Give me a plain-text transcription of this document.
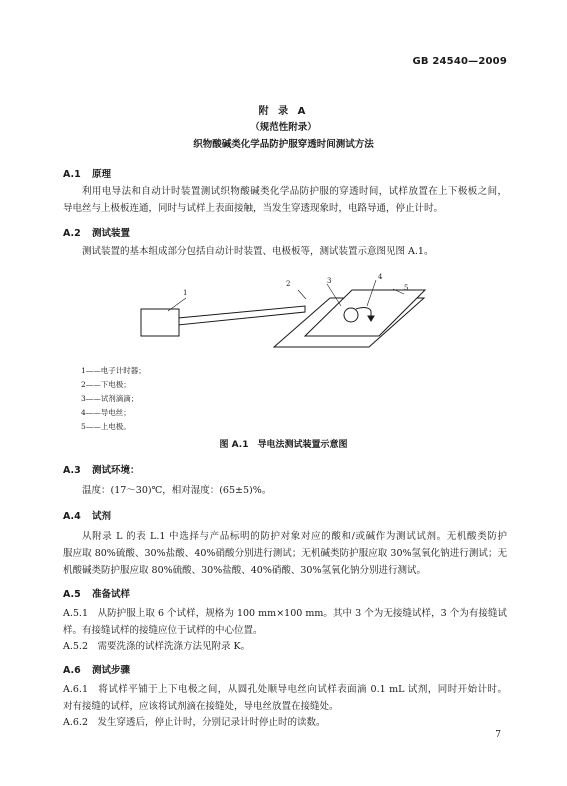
GB 24540—2009
附 录 A
（规范性附录）
织物酸碱类化学品防护服穿透时间测试方法
A.1 原理
利用电导法和自动计时装置测试织物酸碱类化学品防护服的穿透时间，试样放置在上下极板之间，
导电丝与上极板连通，同时与试样上表面接触，当发生穿透现象时，电路导通，停止计时。
A.2 测试装置
测试装置的基本组成部分包括自动计时装置、电极板等，测试装置示意图见图 A.1。
1
2	3	4
5
1——电子计时器；
2——下电极；
3——试剂滴滴；
4——导电丝；
5——上电极。
图 A.1　导电法测试装置示意图
A.3 测试环境：
温度：(17～30)℃，相对湿度：(65±5)%。
A.4 试剂
从附录 L 的表 L.1 中选择与产品标明的防护对象对应的酸和/或碱作为测试试剂。无机酸类防护
服应取 80%硫酸、30%盐酸、40%硝酸分别进行测试；无机碱类防护服应取 30%氢氧化钠进行测试；无
机酸碱类防护服应取 80%硫酸、30%盐酸、40%硝酸、30%氢氧化钠分别进行测试。
A.5 准备试样
A.5.1　从防护服上取 6 个试样，规格为 100 mm×100 mm。其中 3 个为无接缝试样，3 个为有接缝试
样。有接缝试样的接缝应位于试样的中心位置。
A.5.2　需要洗涤的试样洗涤方法见附录 K。
A.6 测试步骤
A.6.1　将试样平铺于上下电极之间，从圆孔处顺导电丝向试样表面滴 0.1 mL 试剂，同时开始计时。
对有接缝的试样，应该将试剂滴在接缝处，导电丝放置在接缝处。
A.6.2　发生穿透后，停止计时，分别记录计时停止时的读数。
7
